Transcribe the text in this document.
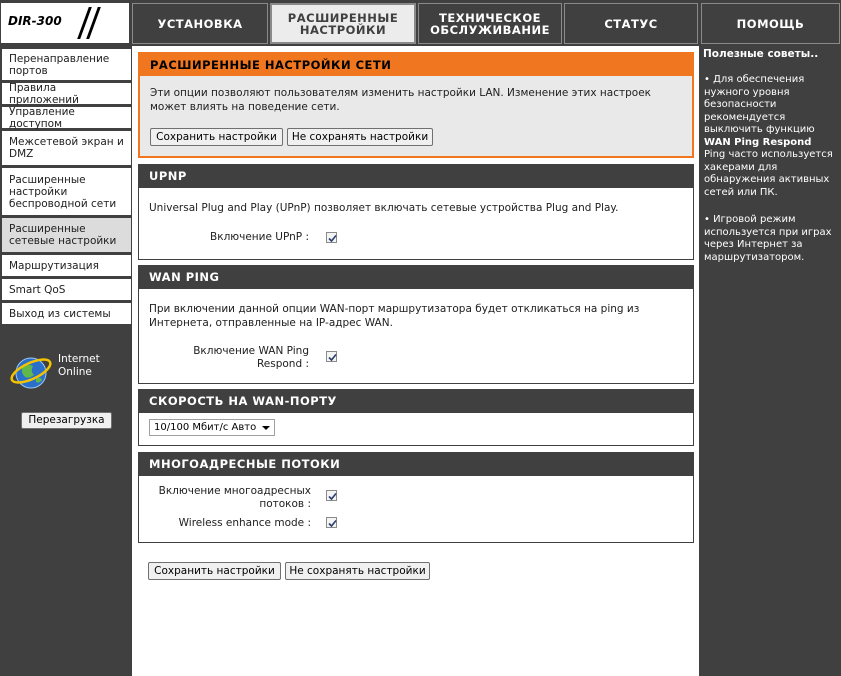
DIR-300	УСТАНОВКА	РАСШИРЕННЫЕ
НАСТРОЙКИ
ТЕХНИЧЕСКОЕ
ОБСЛУЖИВАНИЕ	СТАТУС	ПОМОЩЬ
Перенаправление портов
Правила приложений
Управление доступом
Межсетевой экран и DMZ
Расширенные настройки беспроводной сети
Расширенные сетевые настройки
Маршрутизация
Smart QoS
Выход из системы
Internet
Online
Перезагрузка
РАСШИРЕННЫЕ НАСТРОЙКИ СЕТИ
Эти опции позволяют пользователям изменить настройки LAN. Изменение этих настроек может влиять на поведение сети.
Сохранить настройки	Не сохранять настройки
UPNP
Universal Plug and Play (UPnP) позволяет включать сетевые устройства Plug and Play.
Включение UPnP :
WAN PING
При включении данной опции WAN-порт маршрутизатора будет откликаться на ping из Интернета, отправленные на IP-адрес WAN.
Включение WAN Ping
Respond :
СКОРОСТЬ НА WAN-ПОРТУ
10/100 Мбит/с Авто
МНОГОАДРЕСНЫЕ ПОТОКИ
Включение многоадресных
потоков :
Wireless enhance mode :
Сохранить настройки	Не сохранять настройки
Полезные советы..
• Для обеспечения нужного уровня безопасности рекомендуется выключить функцию WAN Ping Respond Ping часто используется хакерами для обнаружения активных сетей или ПК.
• Игровой режим используется при играх через Интернет за маршрутизатором.
